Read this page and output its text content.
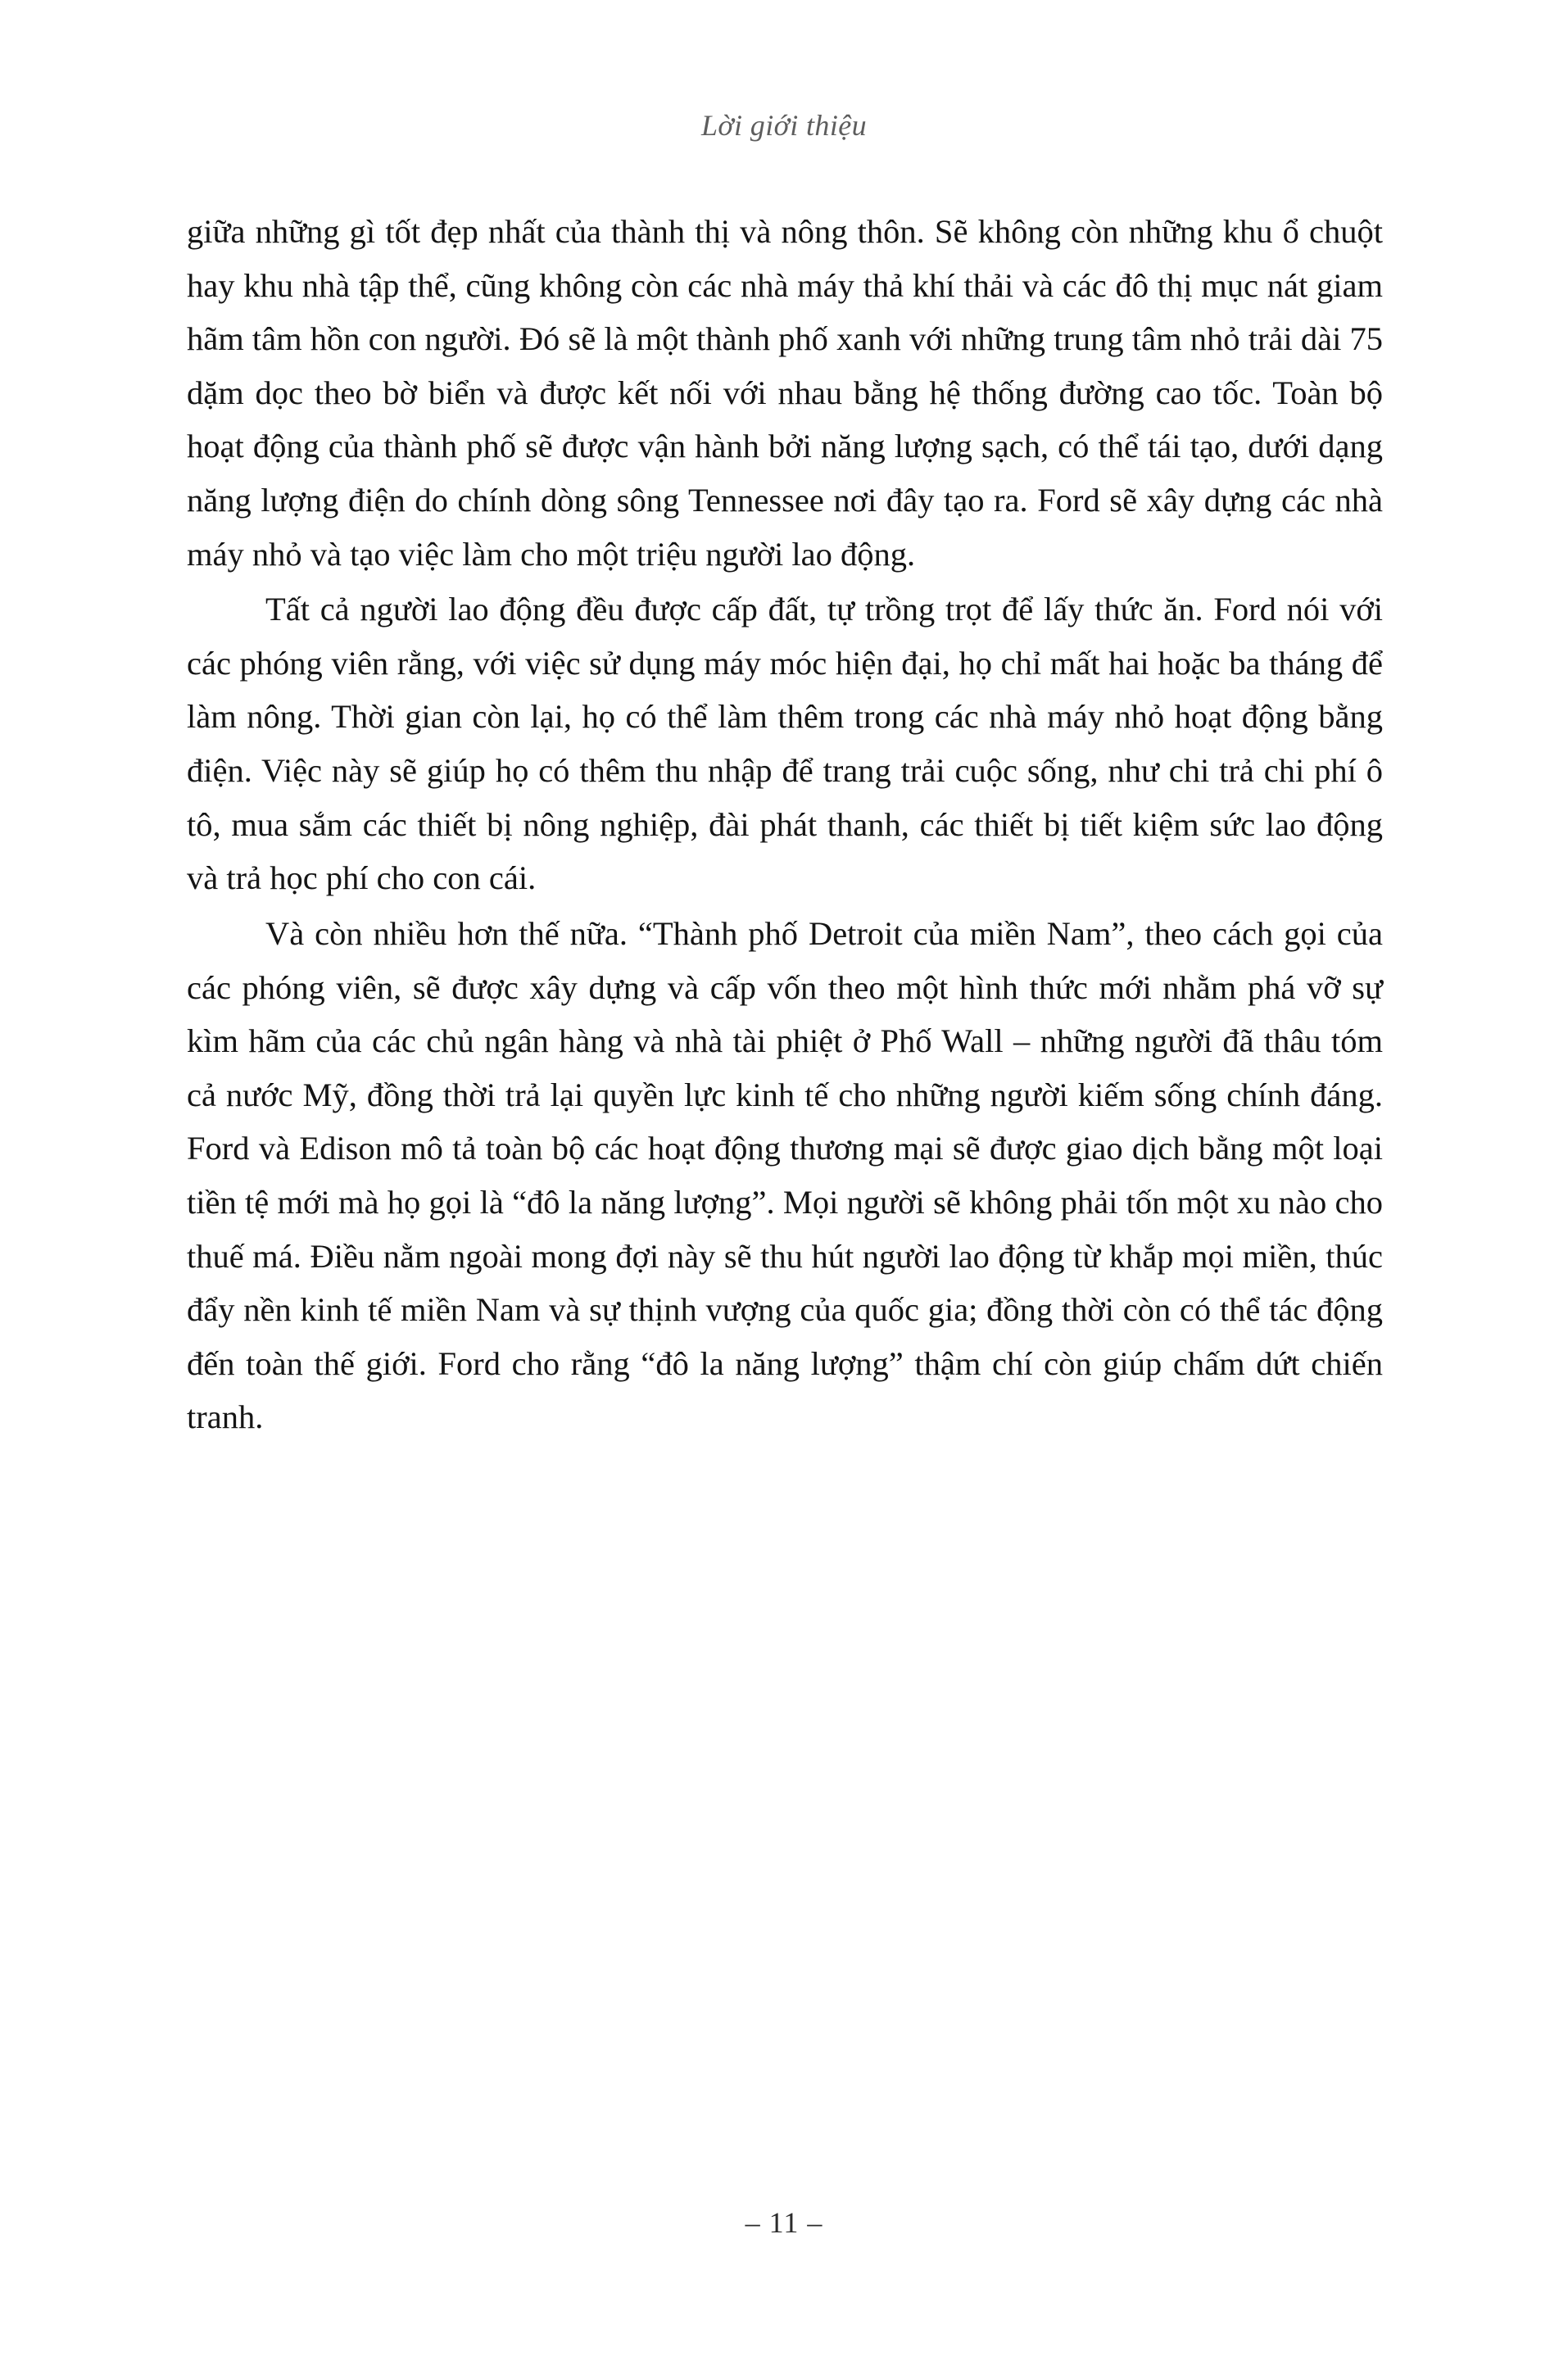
Lời giới thiệu

giữa những gì tốt đẹp nhất của thành thị và nông thôn. Sẽ không còn những khu ổ chuột hay khu nhà tập thể, cũng không còn các nhà máy thả khí thải và các đô thị mục nát giam hãm tâm hồn con người. Đó sẽ là một thành phố xanh với những trung tâm nhỏ trải dài 75 dặm dọc theo bờ biển và được kết nối với nhau bằng hệ thống đường cao tốc. Toàn bộ hoạt động của thành phố sẽ được vận hành bởi năng lượng sạch, có thể tái tạo, dưới dạng năng lượng điện do chính dòng sông Tennessee nơi đây tạo ra. Ford sẽ xây dựng các nhà máy nhỏ và tạo việc làm cho một triệu người lao động.

Tất cả người lao động đều được cấp đất, tự trồng trọt để lấy thức ăn. Ford nói với các phóng viên rằng, với việc sử dụng máy móc hiện đại, họ chỉ mất hai hoặc ba tháng để làm nông. Thời gian còn lại, họ có thể làm thêm trong các nhà máy nhỏ hoạt động bằng điện. Việc này sẽ giúp họ có thêm thu nhập để trang trải cuộc sống, như chi trả chi phí ô tô, mua sắm các thiết bị nông nghiệp, đài phát thanh, các thiết bị tiết kiệm sức lao động và trả học phí cho con cái.

Và còn nhiều hơn thế nữa. “Thành phố Detroit của miền Nam”, theo cách gọi của các phóng viên, sẽ được xây dựng và cấp vốn theo một hình thức mới nhằm phá vỡ sự kìm hãm của các chủ ngân hàng và nhà tài phiệt ở Phố Wall – những người đã thâu tóm cả nước Mỹ, đồng thời trả lại quyền lực kinh tế cho những người kiếm sống chính đáng. Ford và Edison mô tả toàn bộ các hoạt động thương mại sẽ được giao dịch bằng một loại tiền tệ mới mà họ gọi là “đô la năng lượng”. Mọi người sẽ không phải tốn một xu nào cho thuế má. Điều nằm ngoài mong đợi này sẽ thu hút người lao động từ khắp mọi miền, thúc đẩy nền kinh tế miền Nam và sự thịnh vượng của quốc gia; đồng thời còn có thể tác động đến toàn thế giới. Ford cho rằng “đô la năng lượng” thậm chí còn giúp chấm dứt chiến tranh.

– 11 –
